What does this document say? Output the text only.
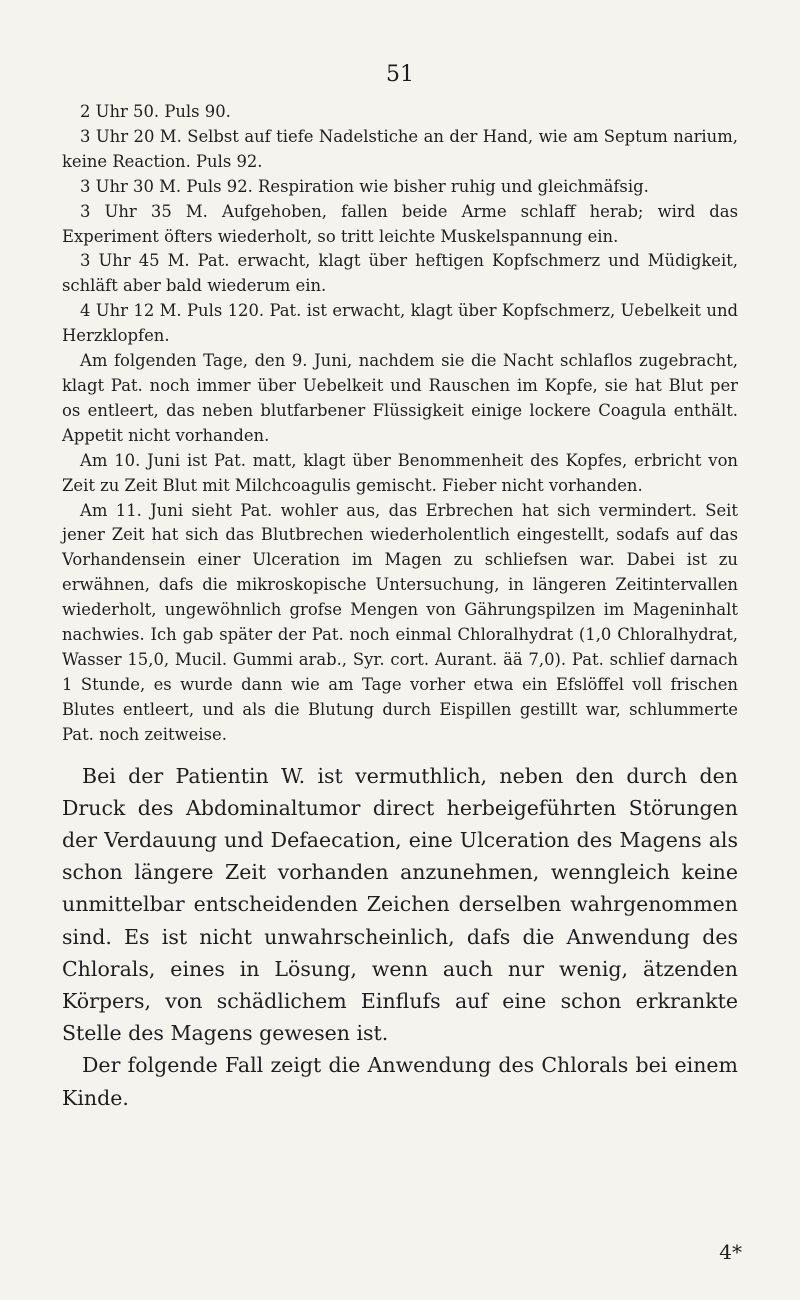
51

2 Uhr 50. Puls 90.

3 Uhr 20 M. Selbst auf tiefe Nadelstiche an der Hand, wie am Septum narium, keine Reaction. Puls 92.

3 Uhr 30 M. Puls 92. Respiration wie bisher ruhig und gleichmäfsig.

3 Uhr 35 M. Aufgehoben, fallen beide Arme schlaff herab; wird das Experiment öfters wiederholt, so tritt leichte Muskelspannung ein.

3 Uhr 45 M. Pat. erwacht, klagt über heftigen Kopfschmerz und Müdigkeit, schläft aber bald wiederum ein.

4 Uhr 12 M. Puls 120. Pat. ist erwacht, klagt über Kopfschmerz, Uebelkeit und Herzklopfen.

Am folgenden Tage, den 9. Juni, nachdem sie die Nacht schlaflos zugebracht, klagt Pat. noch immer über Uebelkeit und Rauschen im Kopfe, sie hat Blut per os entleert, das neben blutfarbener Flüssigkeit einige lockere Coagula enthält. Appetit nicht vorhanden.

Am 10. Juni ist Pat. matt, klagt über Benommenheit des Kopfes, erbricht von Zeit zu Zeit Blut mit Milchcoagulis gemischt. Fieber nicht vorhanden.

Am 11. Juni sieht Pat. wohler aus, das Erbrechen hat sich vermindert. Seit jener Zeit hat sich das Blutbrechen wiederholentlich eingestellt, sodafs auf das Vorhandensein einer Ulceration im Magen zu schliefsen war. Dabei ist zu erwähnen, dafs die mikroskopische Untersuchung, in längeren Zeitintervallen wiederholt, ungewöhnlich grofse Mengen von Gährungspilzen im Mageninhalt nachwies. Ich gab später der Pat. noch einmal Chloralhydrat (1,0 Chloralhydrat, Wasser 15,0, Mucil. Gummi arab., Syr. cort. Aurant. ää 7,0). Pat. schlief darnach 1 Stunde, es wurde dann wie am Tage vorher etwa ein Efslöffel voll frischen Blutes entleert, und als die Blutung durch Eispillen gestillt war, schlummerte Pat. noch zeitweise.

Bei der Patientin W. ist vermuthlich, neben den durch den Druck des Abdominaltumor direct herbeigeführten Störungen der Verdauung und Defaecation, eine Ulceration des Magens als schon längere Zeit vorhanden anzunehmen, wenngleich keine unmittelbar entscheidenden Zeichen derselben wahrgenommen sind. Es ist nicht unwahrscheinlich, dafs die Anwendung des Chlorals, eines in Lösung, wenn auch nur wenig, ätzenden Körpers, von schädlichem Einflufs auf eine schon erkrankte Stelle des Magens gewesen ist.

Der folgende Fall zeigt die Anwendung des Chlorals bei einem Kinde.

4*
